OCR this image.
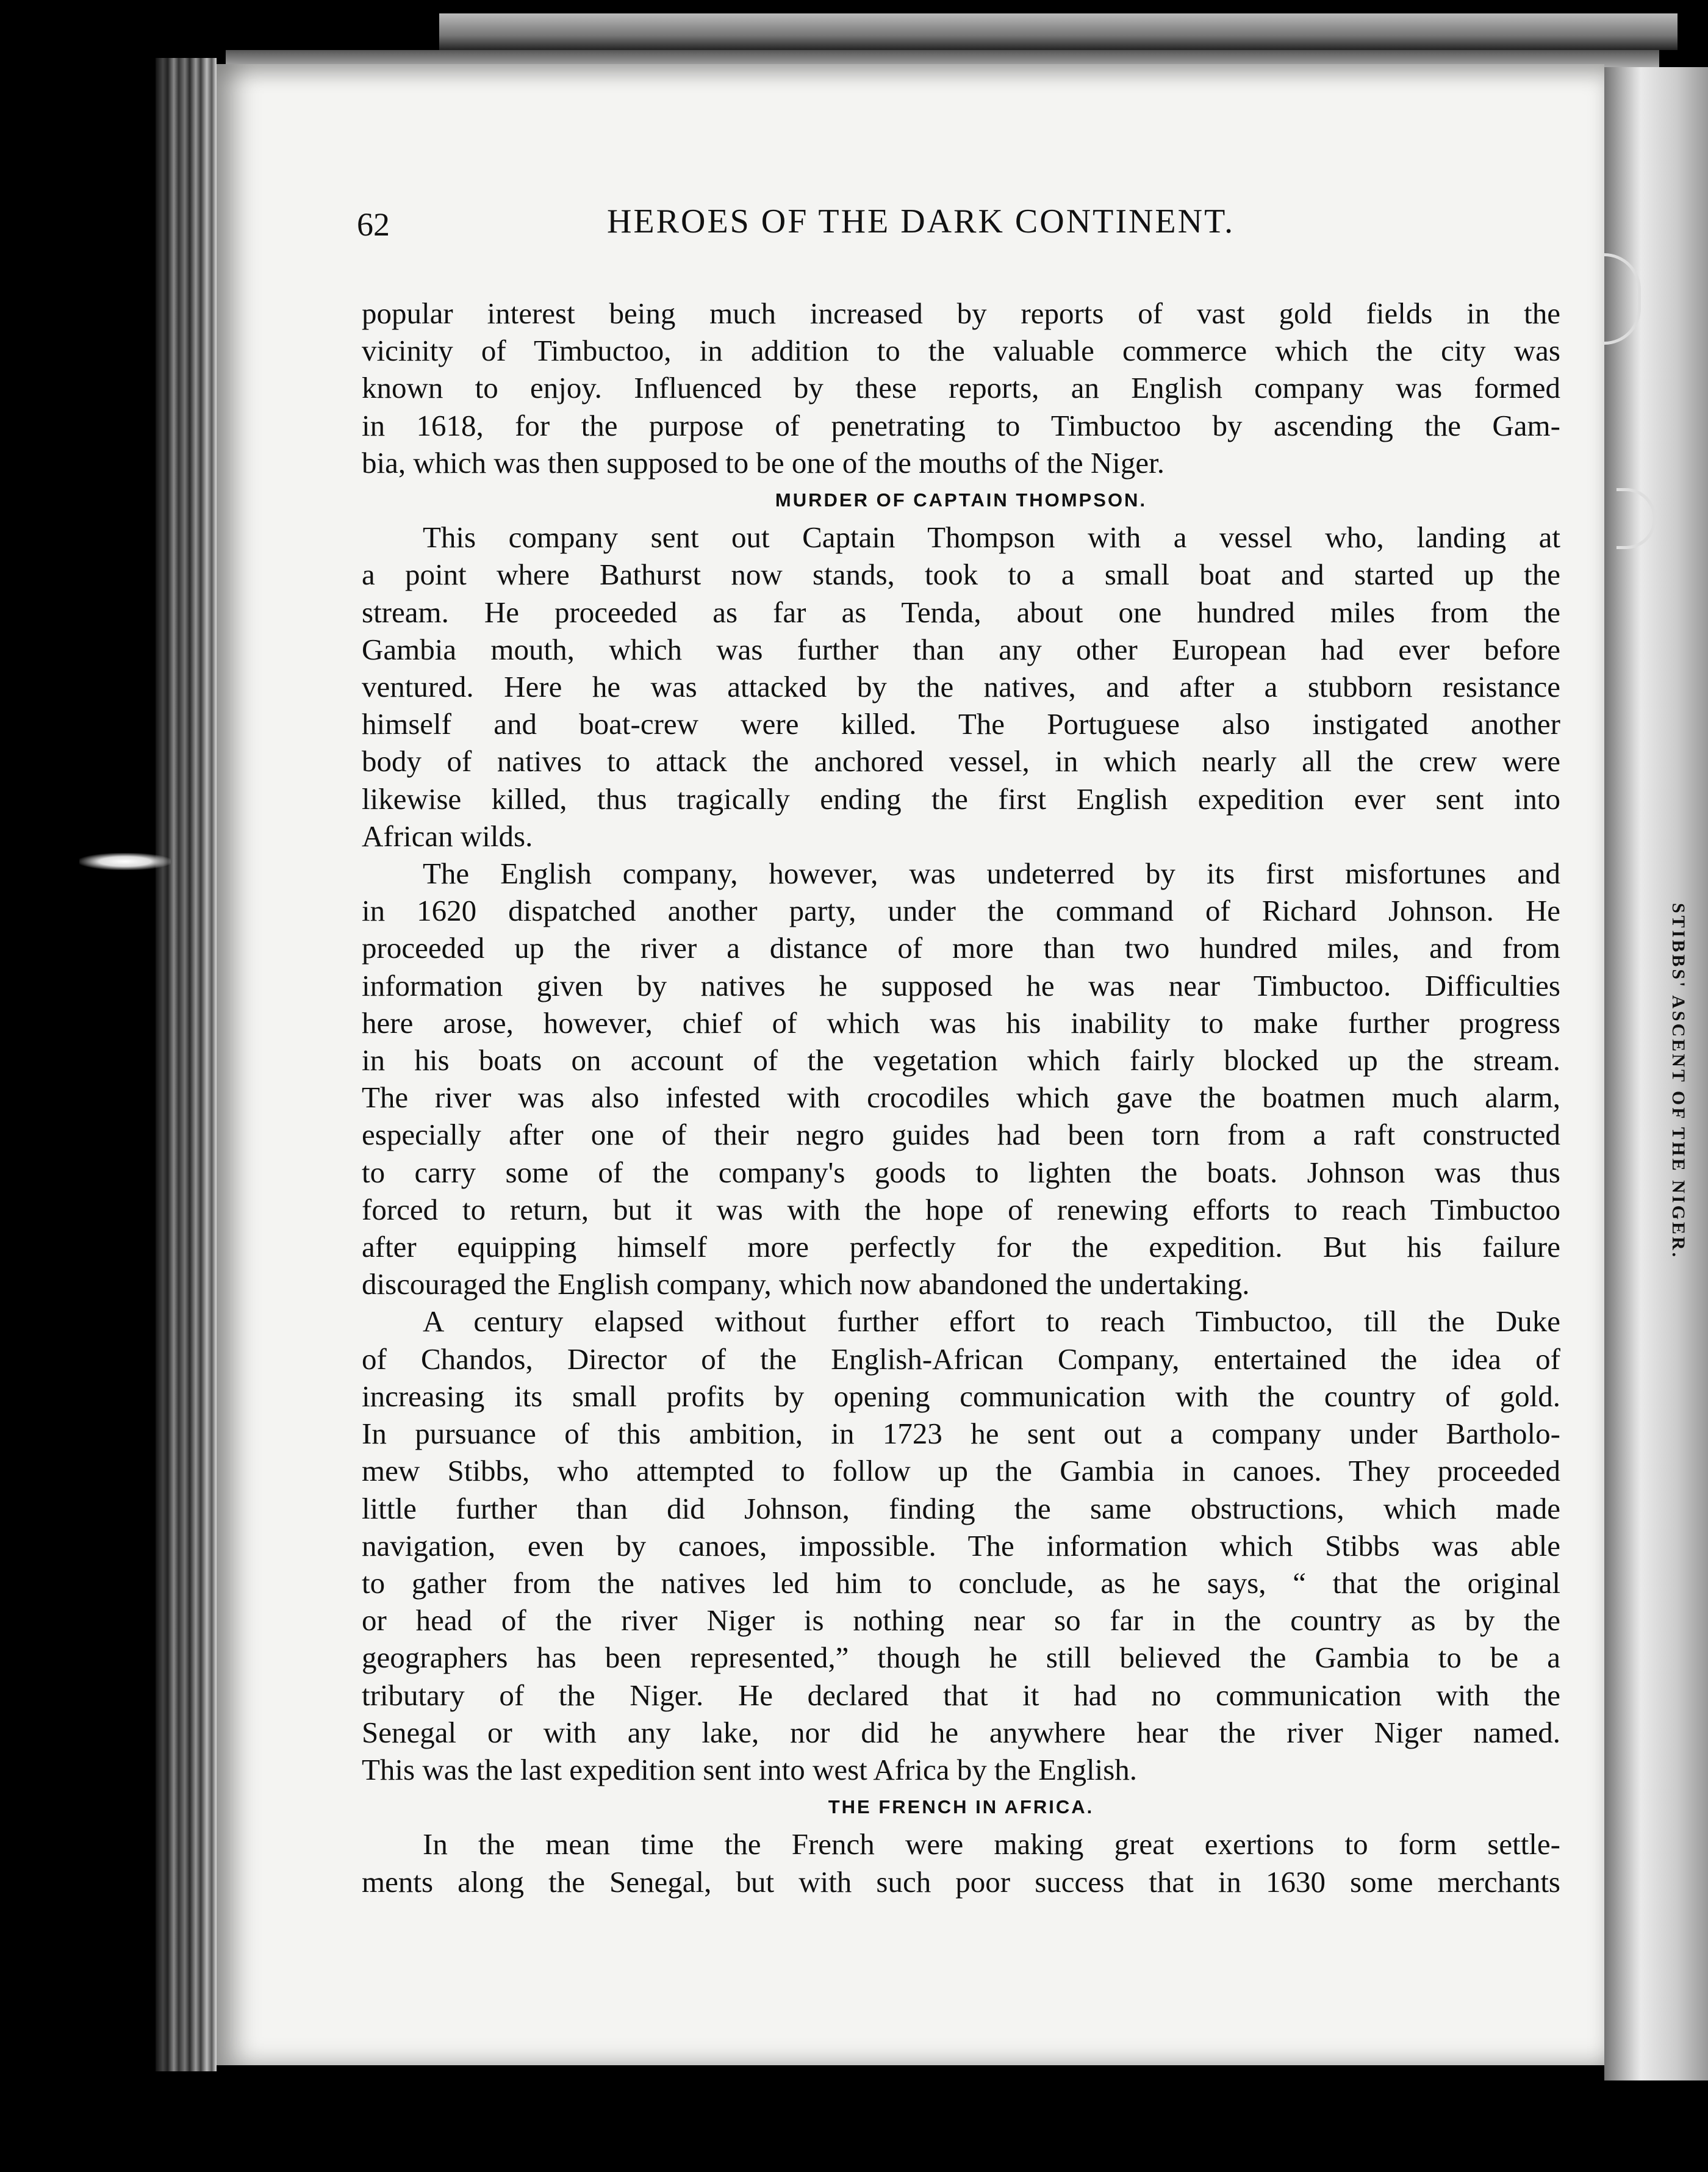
STIBBS' ASCENT OF THE NIGER.
62	HEROES OF THE DARK CONTINENT.
popular interest being much increased by reports of vast gold fields in the
vicinity of Timbuctoo, in addition to the valuable commerce which the city was
known to enjoy. Influenced by these reports, an English company was formed
in 1618, for the purpose of penetrating to Timbuctoo by ascending the Gam-
bia, which was then supposed to be one of the mouths of the Niger.
MURDER OF CAPTAIN THOMPSON.
This company sent out Captain Thompson with a vessel who, landing at
a point where Bathurst now stands, took to a small boat and started up the
stream. He proceeded as far as Tenda, about one hundred miles from the
Gambia mouth, which was further than any other European had ever before
ventured. Here he was attacked by the natives, and after a stubborn resistance
himself and boat-crew were killed. The Portuguese also instigated another
body of natives to attack the anchored vessel, in which nearly all the crew were
likewise killed, thus tragically ending the first English expedition ever sent into
African wilds.
The English company, however, was undeterred by its first misfortunes and
in 1620 dispatched another party, under the command of Richard Johnson. He
proceeded up the river a distance of more than two hundred miles, and from
information given by natives he supposed he was near Timbuctoo. Difficulties
here arose, however, chief of which was his inability to make further progress
in his boats on account of the vegetation which fairly blocked up the stream.
The river was also infested with crocodiles which gave the boatmen much alarm,
especially after one of their negro guides had been torn from a raft constructed
to carry some of the company's goods to lighten the boats. Johnson was thus
forced to return, but it was with the hope of renewing efforts to reach Timbuctoo
after equipping himself more perfectly for the expedition. But his failure
discouraged the English company, which now abandoned the undertaking.
A century elapsed without further effort to reach Timbuctoo, till the Duke
of Chandos, Director of the English-African Company, entertained the idea of
increasing its small profits by opening communication with the country of gold.
In pursuance of this ambition, in 1723 he sent out a company under Bartholo-
mew Stibbs, who attempted to follow up the Gambia in canoes. They proceeded
little further than did Johnson, finding the same obstructions, which made
navigation, even by canoes, impossible. The information which Stibbs was able
to gather from the natives led him to conclude, as he says, “ that the original
or head of the river Niger is nothing near so far in the country as by the
geographers has been represented,” though he still believed the Gambia to be a
tributary of the Niger. He declared that it had no communication with the
Senegal or with any lake, nor did he anywhere hear the river Niger named.
This was the last expedition sent into west Africa by the English.
THE FRENCH IN AFRICA.
In the mean time the French were making great exertions to form settle-
ments along the Senegal, but with such poor success that in 1630 some merchants
